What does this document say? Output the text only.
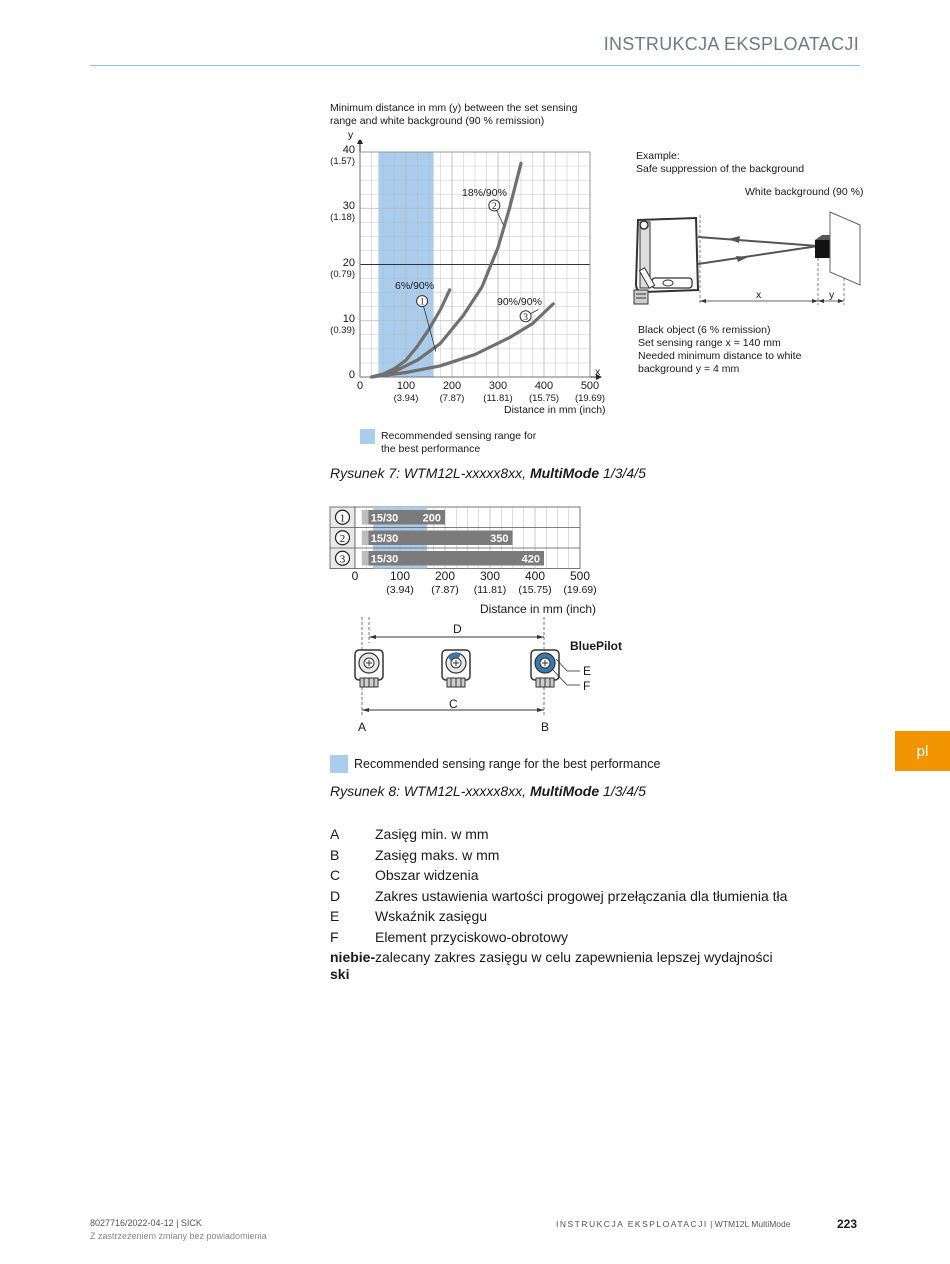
INSTRUKCJA EKSPLOATACJI
Minimum distance in mm (y) between the set sensing
range and white background (90 % remission)
y
1
2
3
40
(1.57)
30
(1.18)
20
(0.79)
10
(0.39)
0
0	100
(3.94)
200
(7.87)
300
(11.81)
400
(15.75)
500
(19.69)
x
Distance in mm (inch)
6%/90%
18%/90%
90%/90%
Recommended sensing range for
the best performance
Rysunek 7: WTM12L-xxxxx8xx, MultiMode 1/3/4/5
Example:
Safe suppression of the background
White background (90 %)
x	y
Black object (6 % remission)
Set sensing range x = 140 mm
Needed minimum distance to white
background y = 4 mm
15/30 200
1
15/30	350
2
15/30	420
3
0	100
(3.94)
200
(7.87)
300
(11.81)
400
(15.75)
500
(19.69)
Distance in mm (inch)
D
BluePilot
E
F
C
A	B
Recommended sensing range for the best performance
Rysunek 8: WTM12L-xxxxx8xx, MultiMode 1/3/4/5
A	Zasięg min. w mm
B	Zasięg maks. w mm
C Obszar widzenia
D Zakres ustawienia wartości progowej przełączania dla tłumienia tła
E	Wskaźnik zasięgu
F	Element przyciskowo-obrotowy
niebie-
ski
zalecany zakres zasięgu w celu zapewnienia lepszej wydajności
pl
8027716/2022-04-12 | SICK
Z zastrzeżeniem zmiany bez powiadomienia
INSTRUKCJA EKSPLOATACJI | WTM12L MultiMode	223
